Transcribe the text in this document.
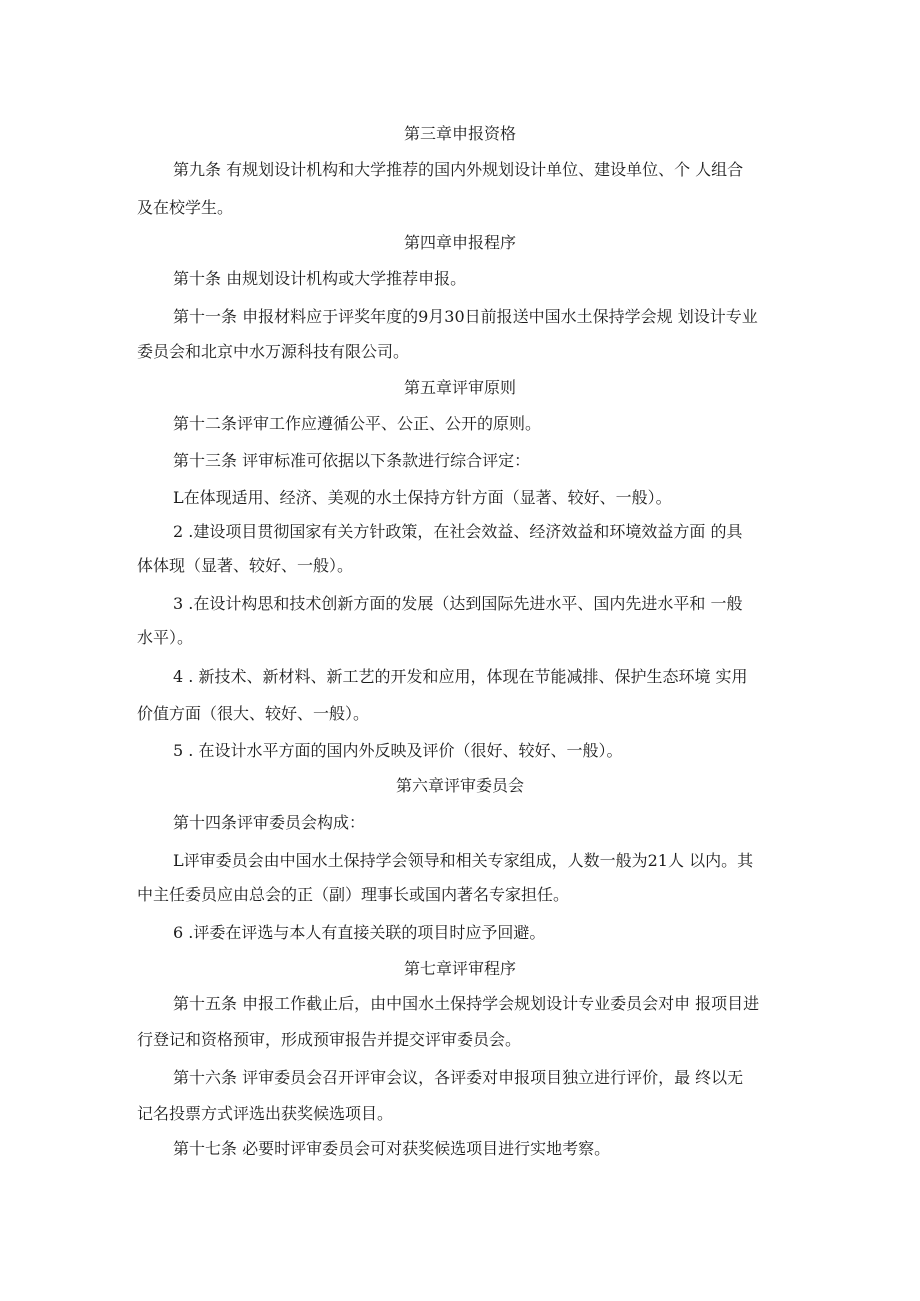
第三章申报资格
第九条 有规划设计机构和大学推荐的国内外规划设计单位、建设单位、个 人组合
及在校学生。
第四章申报程序
第十条 由规划设计机构或大学推荐申报。
第十一条 申报材料应于评奖年度的9月30日前报送中国水土保持学会规 划设计专业
委员会和北京中水万源科技有限公司。
第五章评审原则
第十二条评审工作应遵循公平、公正、公开的原则。
第十三条 评审标准可依据以下条款进行综合评定：
L在体现适用、经济、美观的水土保持方针方面（显著、较好、一般）。
2 .建设项目贯彻国家有关方针政策，在社会效益、经济效益和环境效益方面 的具
体体现（显著、较好、一般）。
3 .在设计构思和技术创新方面的发展（达到国际先进水平、国内先进水平和 一般
水平）。
4 . 新技术、新材料、新工艺的开发和应用，体现在节能减排、保护生态环境 实用
价值方面（很大、较好、一般）。
5 . 在设计水平方面的国内外反映及评价（很好、较好、一般）。
第六章评审委员会
第十四条评审委员会构成：
L评审委员会由中国水土保持学会领导和相关专家组成，人数一般为21人 以内。其
中主任委员应由总会的正（副）理事长或国内著名专家担任。
6 .评委在评选与本人有直接关联的项目时应予回避。
第七章评审程序
第十五条 申报工作截止后，由中国水土保持学会规划设计专业委员会对申 报项目进
行登记和资格预审，形成预审报告并提交评审委员会。
第十六条 评审委员会召开评审会议，各评委对申报项目独立进行评价，最 终以无
记名投票方式评选出获奖候选项目。
第十七条 必要时评审委员会可对获奖候选项目进行实地考察。
